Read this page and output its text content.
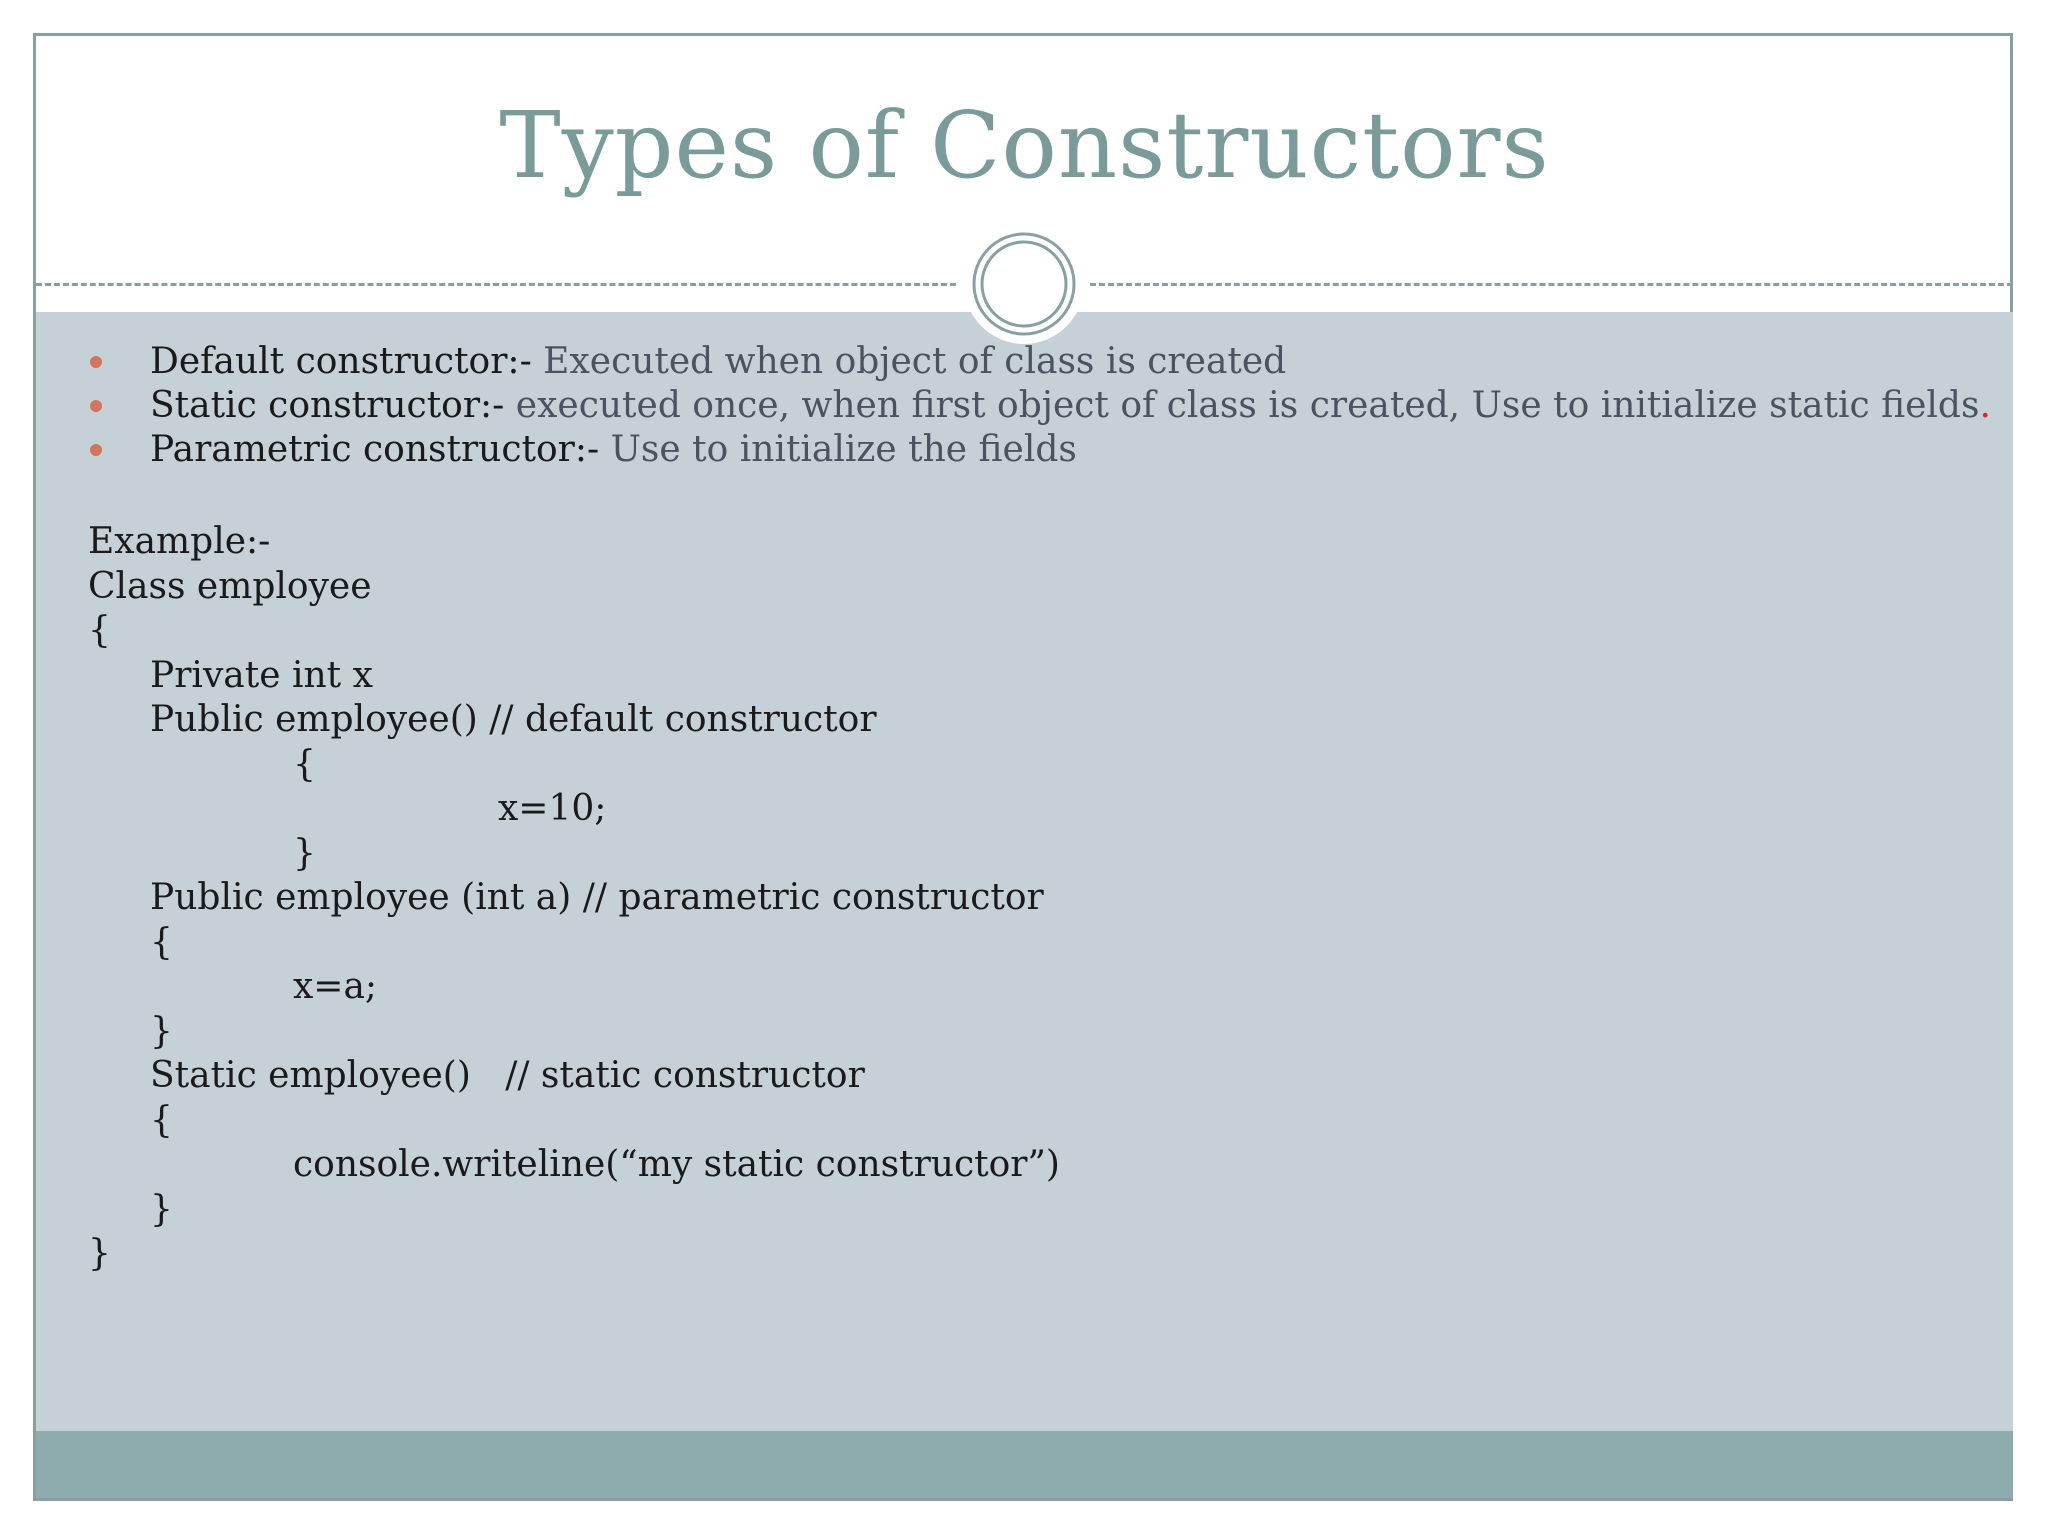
Types of Constructors
Default constructor:- Executed when object of class is created
Static constructor:- executed once, when first object of class is created, Use to initialize static fields.
Parametric constructor:- Use to initialize the fields
Example:-
Class employee
{
Private int x
Public employee() // default constructor
{
x=10;
}
Public employee (int a) // parametric constructor
{
x=a;
}
Static employee()   // static constructor
{
console.writeline(“my static constructor”)
}
}
